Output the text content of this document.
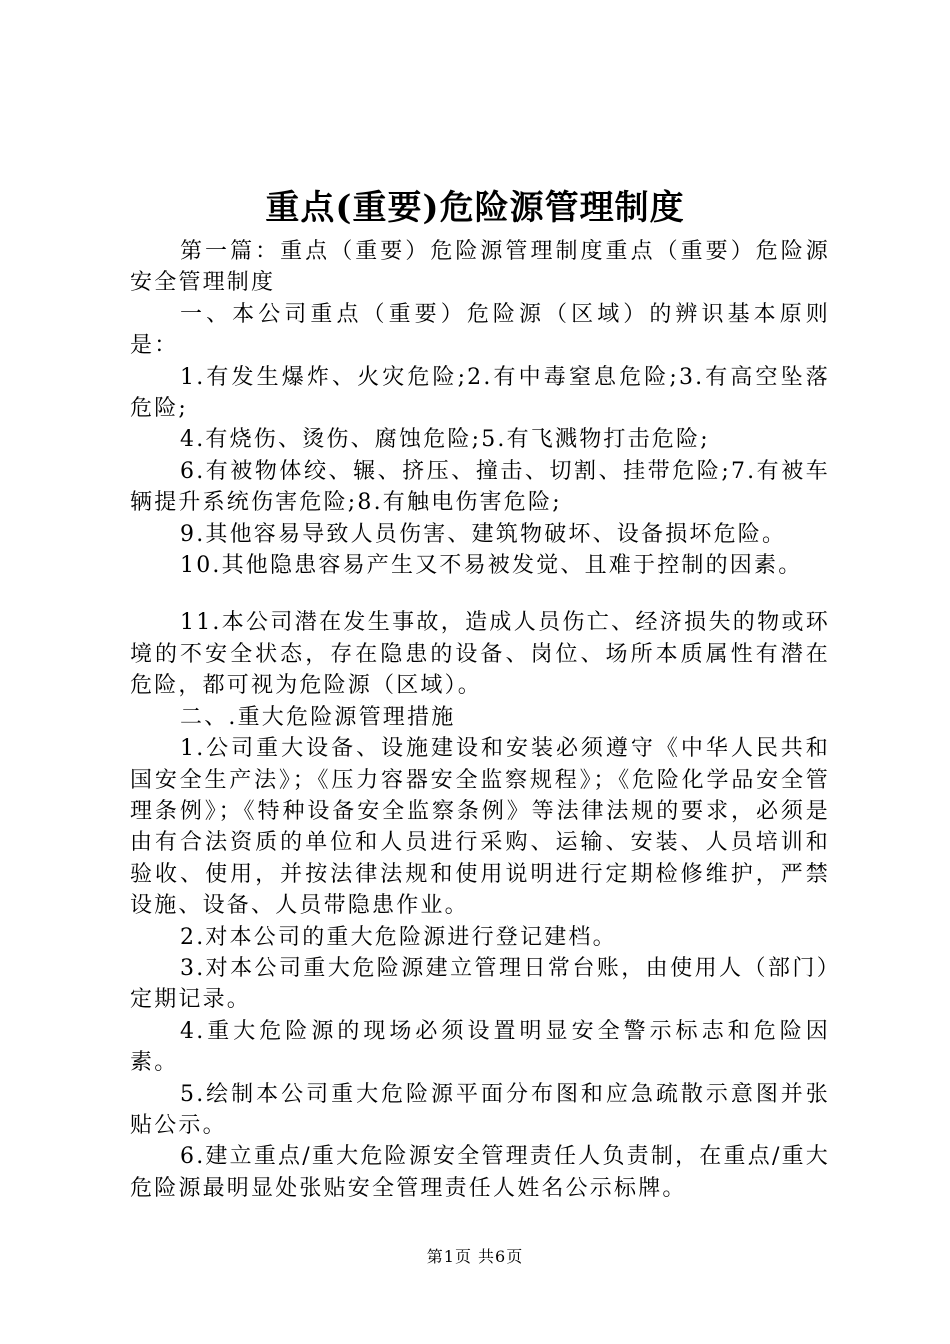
重点(重要)危险源管理制度

第一篇：重点（重要）危险源管理制度重点（重要）危险源安全管理制度

一、本公司重点（重要）危险源（区域）的辨识基本原则是：

1.有发生爆炸、火灾危险;2.有中毒窒息危险;3.有高空坠落危险;

4.有烧伤、烫伤、腐蚀危险;5.有飞溅物打击危险;

6.有被物体绞、辗、挤压、撞击、切割、挂带危险;7.有被车辆提升系统伤害危险;8.有触电伤害危险;

9.其他容易导致人员伤害、建筑物破坏、设备损坏危险。

10.其他隐患容易产生又不易被发觉、且难于控制的因素。

11.本公司潜在发生事故，造成人员伤亡、经济损失的物或环境的不安全状态，存在隐患的设备、岗位、场所本质属性有潜在危险，都可视为危险源（区域）。

二、.重大危险源管理措施

1.公司重大设备、设施建设和安装必须遵守《中华人民共和国安全生产法》；《压力容器安全监察规程》；《危险化学品安全管理条例》；《特种设备安全监察条例》等法律法规的要求，必须是由有合法资质的单位和人员进行采购、运输、安装、人员培训和验收、使用，并按法律法规和使用说明进行定期检修维护，严禁设施、设备、人员带隐患作业。

2.对本公司的重大危险源进行登记建档。

3.对本公司重大危险源建立管理日常台账，由使用人（部门）定期记录。

4.重大危险源的现场必须设置明显安全警示标志和危险因素。

5.绘制本公司重大危险源平面分布图和应急疏散示意图并张贴公示。

6.建立重点/重大危险源安全管理责任人负责制，在重点/重大危险源最明显处张贴安全管理责任人姓名公示标牌。

第1页 共6页
